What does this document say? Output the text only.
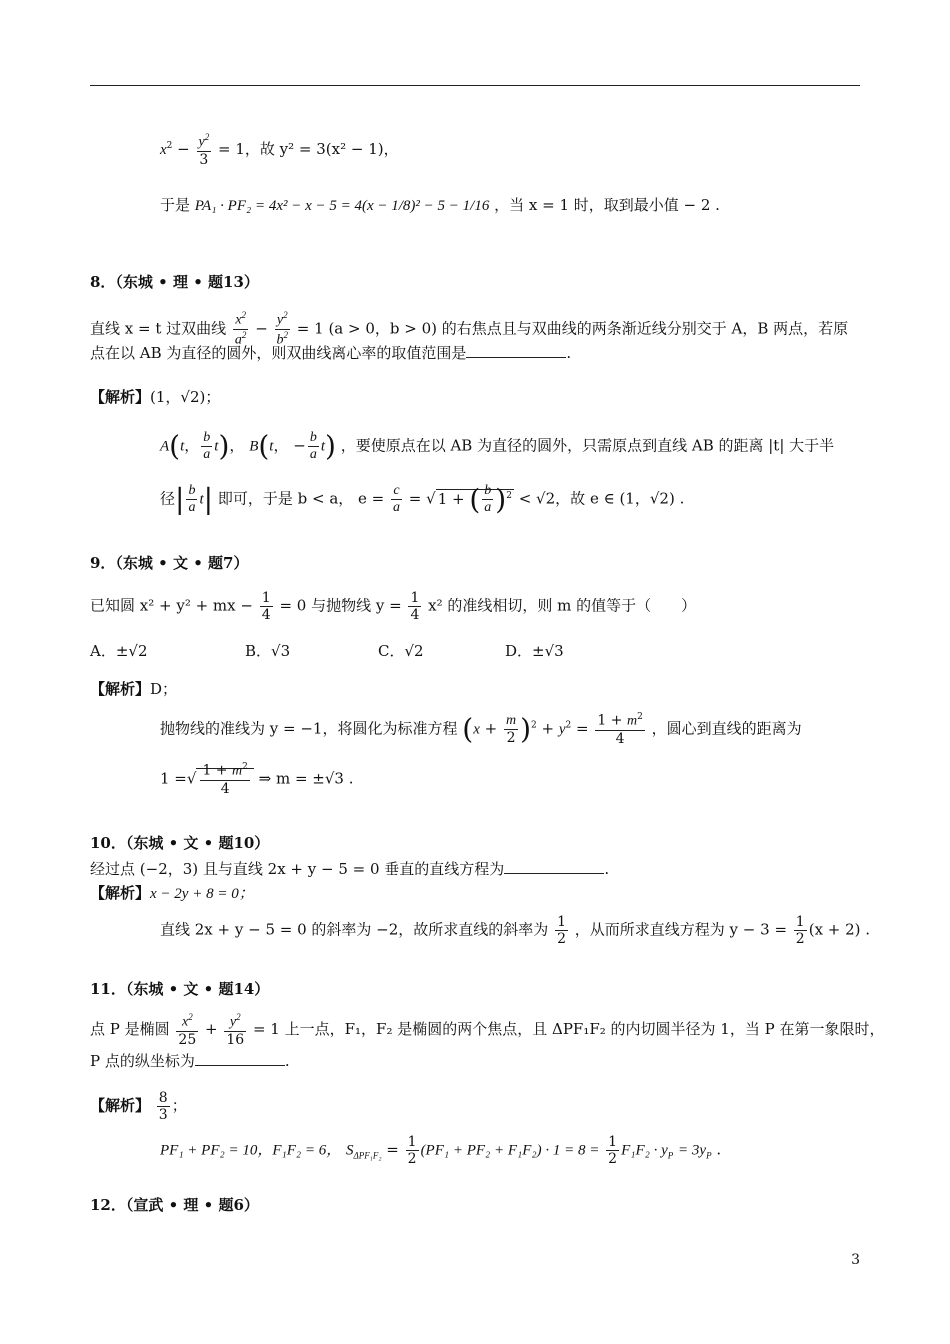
$x^2 - \frac{y^2}{3} = 1$，故 y² = 3(x² − 1)，
于是 PA₁ · PF₂ = 4x² − x − 5 = 4(x − 1/8)² − 5 − 1/16 ，当 x = 1 时，取到最小值 − 2 .
8．（东城 • 理 • 题13）
直线 x = t 过双曲线 $\frac{x^2}{a^2} - \frac{y^2}{b^2} = 1$ (a > 0，b > 0) 的右焦点且与双曲线的两条渐近线分别交于 A，B 两点，若原
点在以 AB 为直径的圆外，则双曲线离心率的取值范围是	.
【解析】(1，√2)；
A(t， $\frac{b}{a} t$)， B(t， − $\frac{b}{a} t$) ，要使原点在以 AB 为直径的圆外，只需原点到直线 AB 的距离 |t| 大于半
径| $\frac{b}{a} t|$ 即可，于是 b < a， $e = \frac{c}{a}$ = √ 1 + ( $\frac{b}{a} )^2 < √2$，故 e ∈ (1，√2) .
9．（东城 • 文 • 题7）
已知圆 x² + y² + mx − $\frac{1}{4} = 0$ 与抛物线 $y = \frac{1}{4} x^2$ 的准线相切，则 m 的值等于（　　）
A．±√2	B．√3	C．√2	D．±√3
【解析】D；
抛物线的准线为 y = −1，将圆化为标准方程 $(x + \frac{m}{2} )^2 + y^2 = \frac{1 + m^2}{4}$ ，圆心到直线的距离为
1 =√ $\frac{1 + m^2}{4}$ ⇒ m = ±√3 .
10．（东城 • 文 • 题10）
经过点 (−2，3) 且与直线 2x + y − 5 = 0 垂直的直线方程为	.
【解析】x − 2y + 8 = 0；
直线 2x + y − 5 = 0 的斜率为 −2，故所求直线的斜率为 $\frac{1}{2}$ ，从而所求直线方程为 $y - 3 = \frac{1}{2} (x + 2)$ .
11．（东城 • 文 • 题14）
点 P 是椭圆 $\frac{x^2}{25} + \frac{y^2}{16} = 1$ 上一点，F₁，F₂ 是椭圆的两个焦点，且 ΔPF₁F₂ 的内切圆半径为 1，当 P 在第一象限时，
P 点的纵坐标为	.
【解析】 $\frac{8}{3}$ ；
PF₁ + PF₂ = 10，F₁F₂ = 6， $S_{\Delta PF_1F_2} = \frac{1}{2} (PF_1 + PF_2 + F_1F_2) \cdot 1 = 8 = \frac{1}{2} F_1F_2 \cdot y_P = 3y_P$ .
12．（宣武 • 理 • 题6）
3
